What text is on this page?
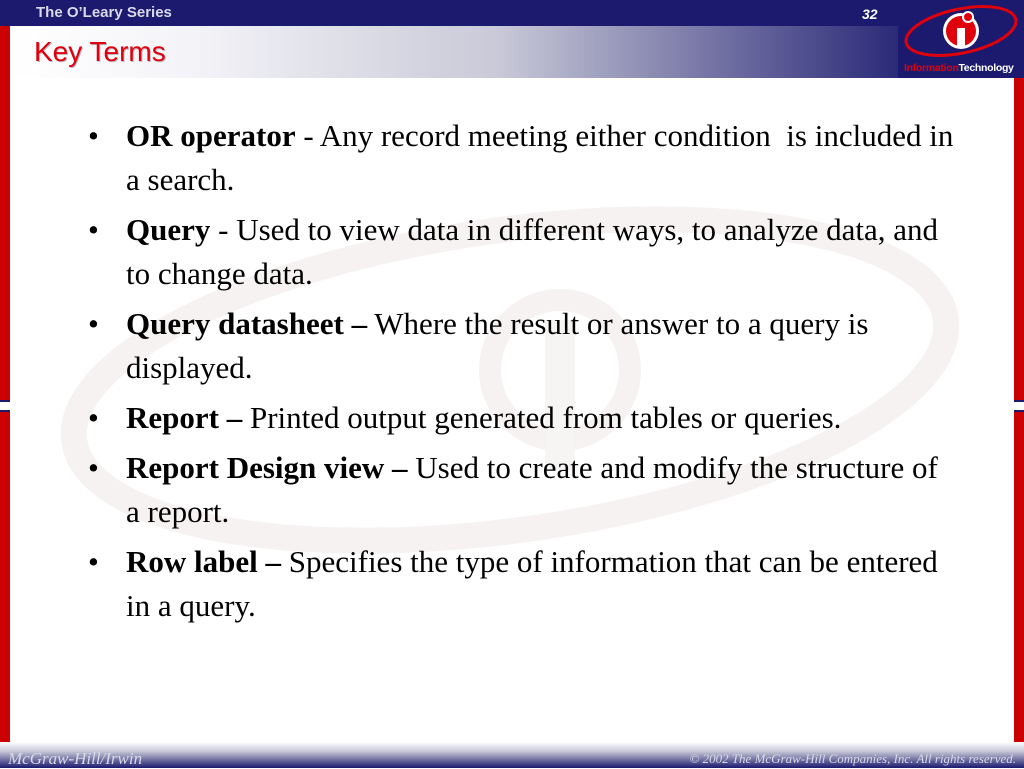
The O’Leary Series	32
Key Terms
InformationTechnology
• OR operator - Any record meeting either condition  is included in a search.
• Query - Used to view data in different ways, to analyze data, and to change data.
• Query datasheet – Where the result or answer to a query is displayed.
• Report – Printed output generated from tables or queries.
• Report Design view – Used to create and modify the structure of a report.
• Row label – Specifies the type of information that can be entered in a query.
McGraw-Hill/Irwin	© 2002 The McGraw-Hill Companies, Inc. All rights reserved.
